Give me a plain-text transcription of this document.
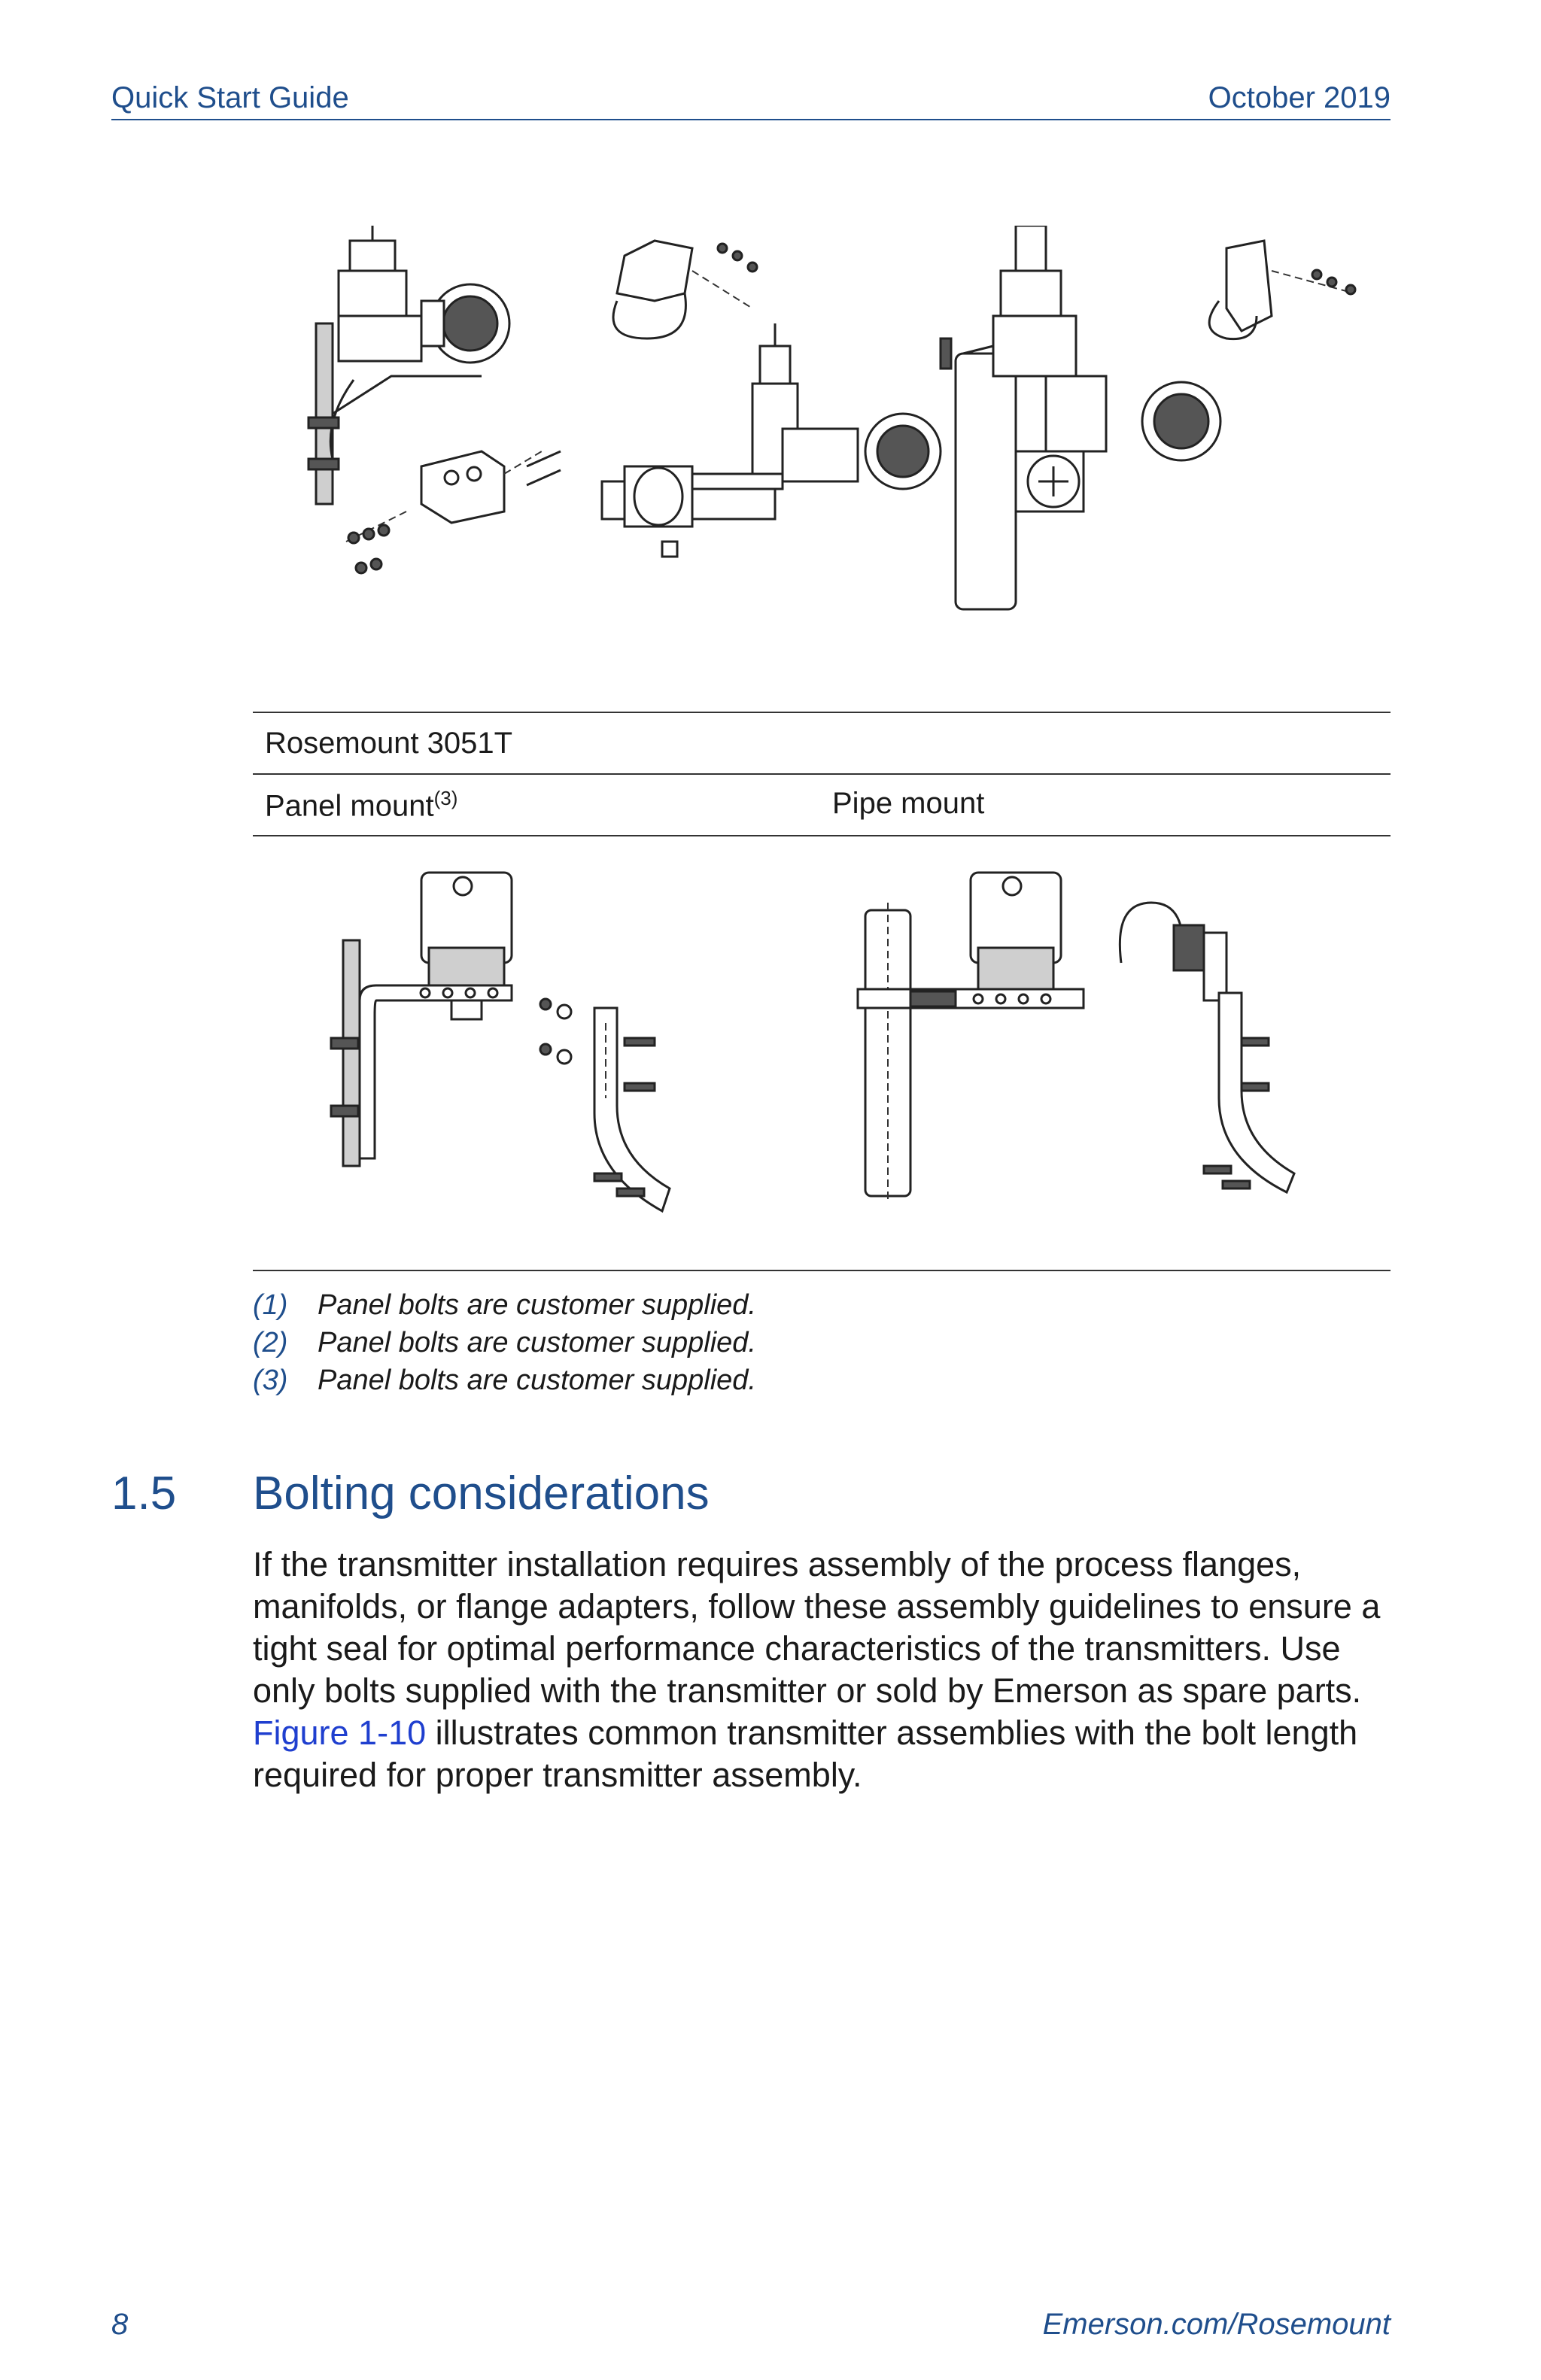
Quick Start Guide	October 2019
Rosemount 3051T
Panel mount$^{(3)}$	Pipe mount
(1) Panel bolts are customer supplied.
(2) Panel bolts are customer supplied.
(3) Panel bolts are customer supplied.
1.5 Bolting considerations
If the transmitter installation requires assembly of the process flanges, manifolds, or flange adapters, follow these assembly guidelines to ensure a tight seal for optimal performance characteristics of the transmitters. Use only bolts supplied with the transmitter or sold by Emerson as spare parts. Figure 1-10 illustrates common transmitter assemblies with the bolt length required for proper transmitter assembly.
8	Emerson.com/Rosemount
